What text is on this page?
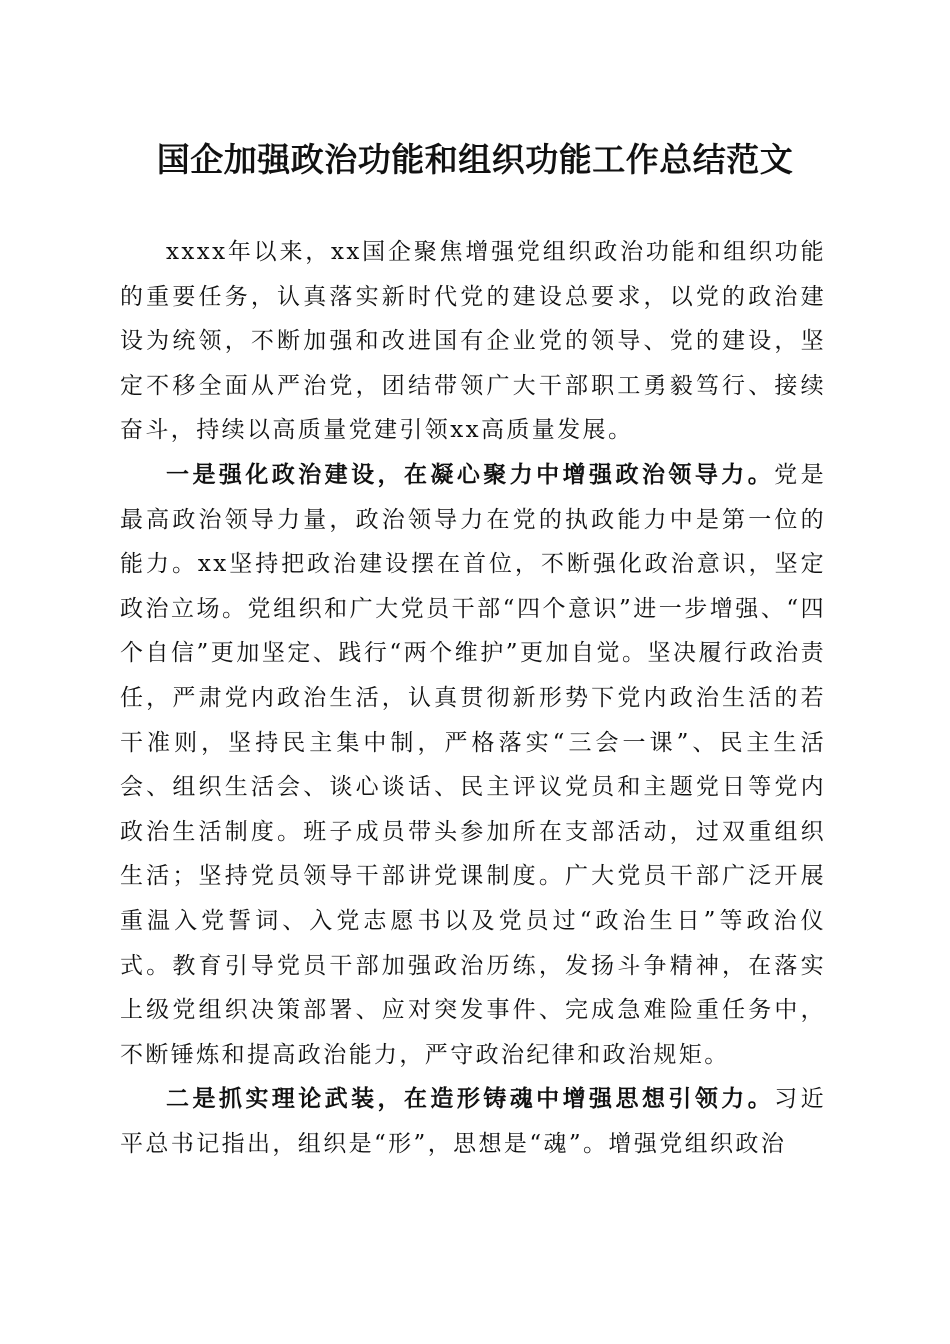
国企加强政治功能和组织功能工作总结范文

xxxx年以来，xx国企聚焦增强党组织政治功能和组织功能的重要任务，认真落实新时代党的建设总要求，以党的政治建设为统领，不断加强和改进国有企业党的领导、党的建设，坚定不移全面从严治党，团结带领广大干部职工勇毅笃行、接续奋斗，持续以高质量党建引领xx高质量发展。

一是强化政治建设，在凝心聚力中增强政治领导力。党是最高政治领导力量，政治领导力在党的执政能力中是第一位的能力。xx坚持把政治建设摆在首位，不断强化政治意识，坚定政治立场。党组织和广大党员干部“四个意识”进一步增强、“四个自信”更加坚定、践行“两个维护”更加自觉。坚决履行政治责任，严肃党内政治生活，认真贯彻新形势下党内政治生活的若干准则，坚持民主集中制，严格落实“三会一课”、民主生活会、组织生活会、谈心谈话、民主评议党员和主题党日等党内政治生活制度。班子成员带头参加所在支部活动，过双重组织生活；坚持党员领导干部讲党课制度。广大党员干部广泛开展重温入党誓词、入党志愿书以及党员过“政治生日”等政治仪式。教育引导党员干部加强政治历练，发扬斗争精神，在落实上级党组织决策部署、应对突发事件、完成急难险重任务中，不断锤炼和提高政治能力，严守政治纪律和政治规矩。

二是抓实理论武装，在造形铸魂中增强思想引领力。习近平总书记指出，组织是“形”，思想是“魂”。增强党组织政治
